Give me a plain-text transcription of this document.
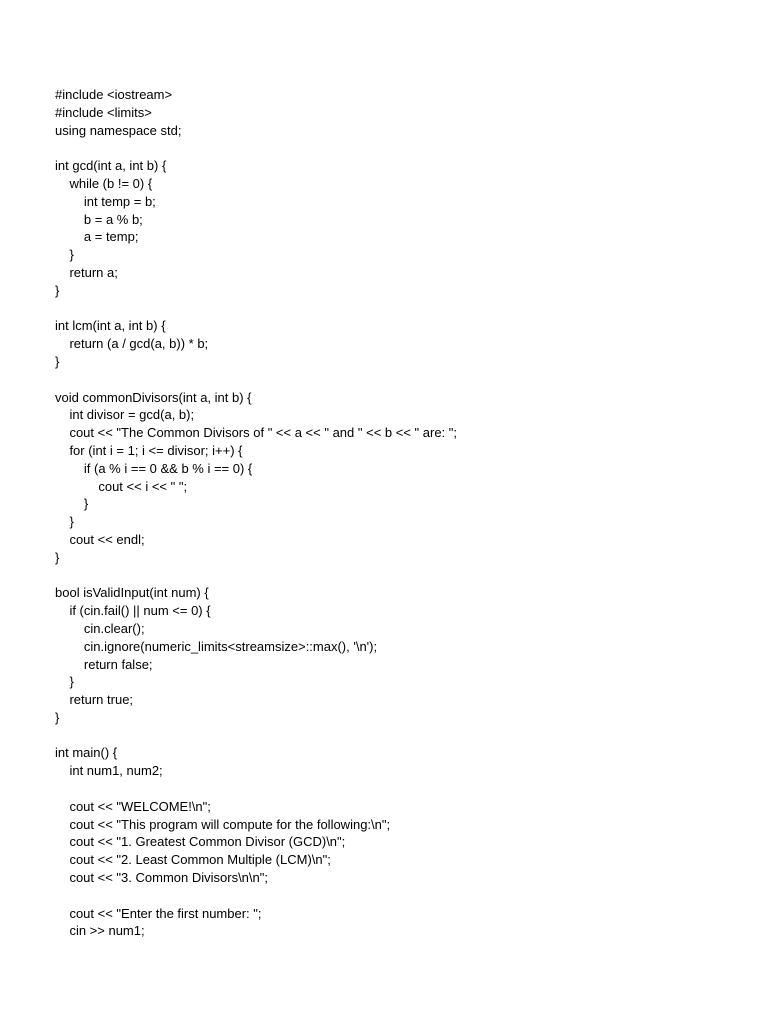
#include <iostream>
#include <limits>
using namespace std;
int gcd(int a, int b) {
while (b != 0) {
int temp = b;
b = a % b;
a = temp;
}
return a;
}
int lcm(int a, int b) {
return (a / gcd(a, b)) * b;
}
void commonDivisors(int a, int b) {
int divisor = gcd(a, b);
cout << "The Common Divisors of " << a << " and " << b << " are: ";
for (int i = 1; i <= divisor; i++) {
if (a % i == 0 && b % i == 0) {
cout << i << " ";
}
}
cout << endl;
}
bool isValidInput(int num) {
if (cin.fail() || num <= 0) {
cin.clear();
cin.ignore(numeric_limits<streamsize>::max(), '\n');
return false;
}
return true;
}
int main() {
int num1, num2;
cout << "WELCOME!\n";
cout << "This program will compute for the following:\n";
cout << "1. Greatest Common Divisor (GCD)\n";
cout << "2. Least Common Multiple (LCM)\n";
cout << "3. Common Divisors\n\n";
cout << "Enter the first number: ";
cin >> num1;
